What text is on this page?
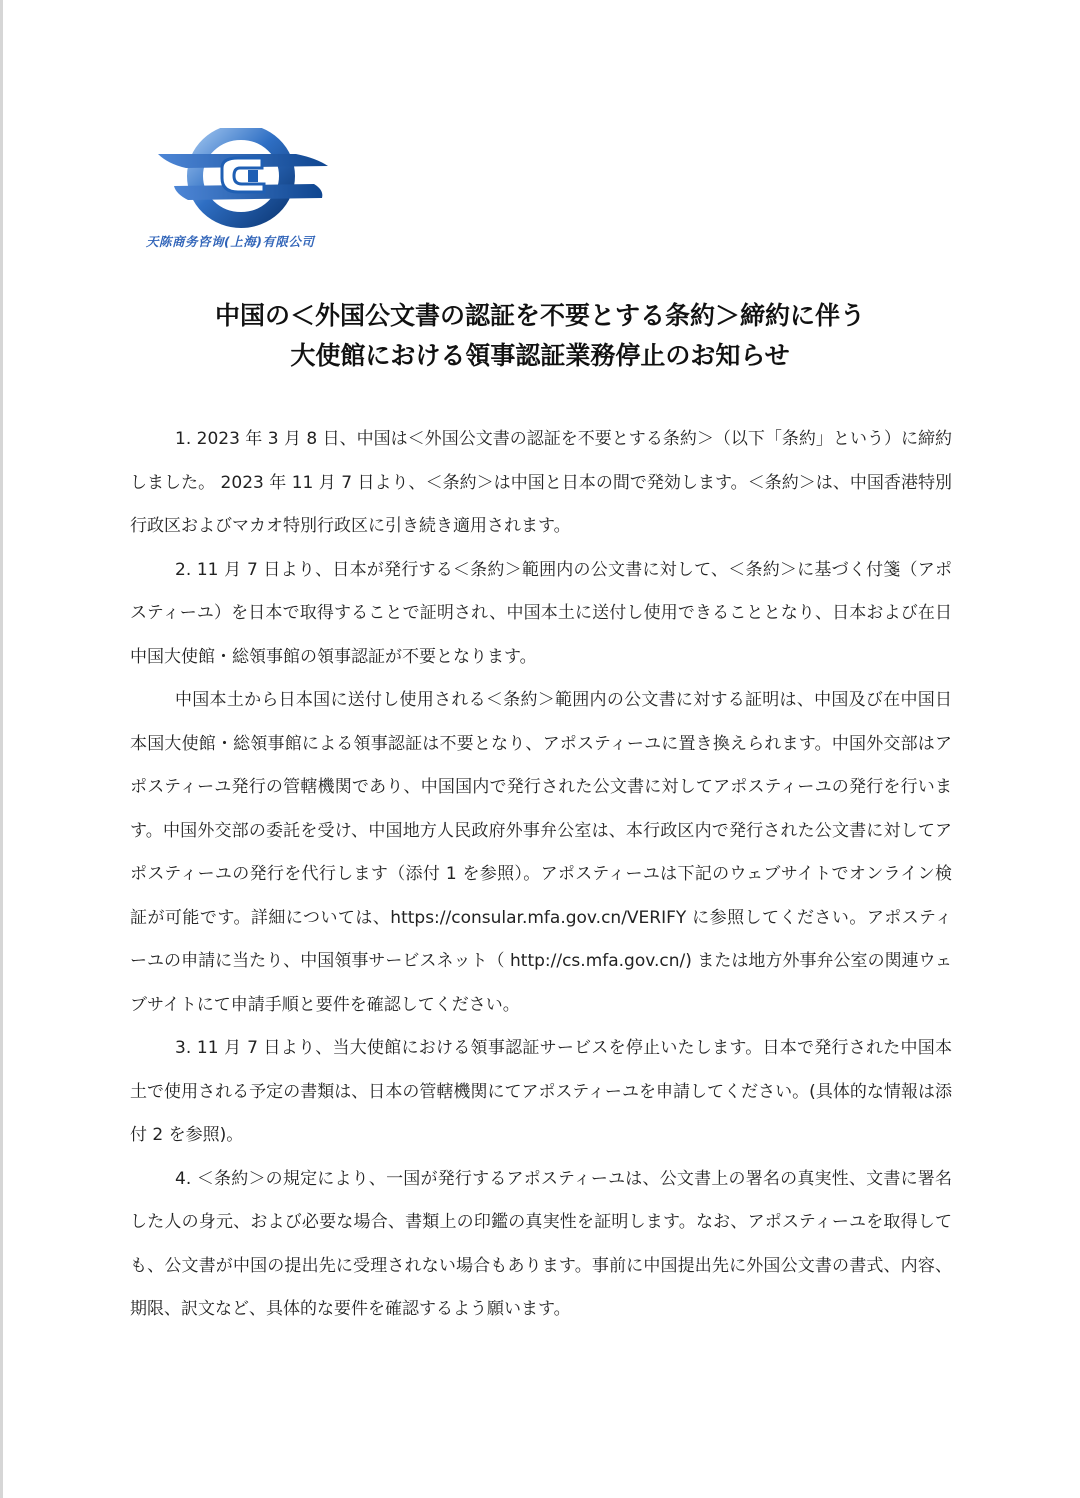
天陈商务咨询(上海)有限公司
中国の＜外国公文書の認証を不要とする条約＞締約に伴う
大使館における領事認証業務停止のお知らせ

1. 2023 年 3 月 8 日、中国は＜外国公文書の認証を不要とする条約＞（以下「条約」という）に締約しました。 2023 年 11 月 7 日より、＜条約＞は中国と日本の間で発効します。＜条約＞は、中国香港特別行政区およびマカオ特別行政区に引き続き適用されます。

2. 11 月 7 日より、日本が発行する＜条約＞範囲内の公文書に対して、＜条約＞に基づく付箋（アポスティーユ）を日本で取得することで証明され、中国本土に送付し使用できることとなり、日本および在日中国大使館・総領事館の領事認証が不要となります。

中国本土から日本国に送付し使用される＜条約＞範囲内の公文書に対する証明は、中国及び在中国日本国大使館・総領事館による領事認証は不要となり、アポスティーユに置き換えられます。中国外交部はアポスティーユ発行の管轄機関であり、中国国内で発行された公文書に対してアポスティーユの発行を行います。中国外交部の委託を受け、中国地方人民政府外事弁公室は、本行政区内で発行された公文書に対してアポスティーユの発行を代行します（添付 1 を参照）。アポスティーユは下記のウェブサイトでオンライン検証が可能です。詳細については、https://consular.mfa.gov.cn/VERIFY に参照してください。アポスティーユの申請に当たり、中国領事サービスネット（ http://cs.mfa.gov.cn/) または地方外事弁公室の関連ウェブサイトにて申請手順と要件を確認してください。

3. 11 月 7 日より、当大使館における領事認証サービスを停止いたします。日本で発行された中国本土で使用される予定の書類は、日本の管轄機関にてアポスティーユを申請してください。(具体的な情報は添付 2 を参照)。

4. ＜条約＞の規定により、一国が発行するアポスティーユは、公文書上の署名の真実性、文書に署名した人の身元、および必要な場合、書類上の印鑑の真実性を証明します。なお、アポスティーユを取得しても、公文書が中国の提出先に受理されない場合もあります。事前に中国提出先に外国公文書の書式、内容、期限、訳文など、具体的な要件を確認するよう願います。
